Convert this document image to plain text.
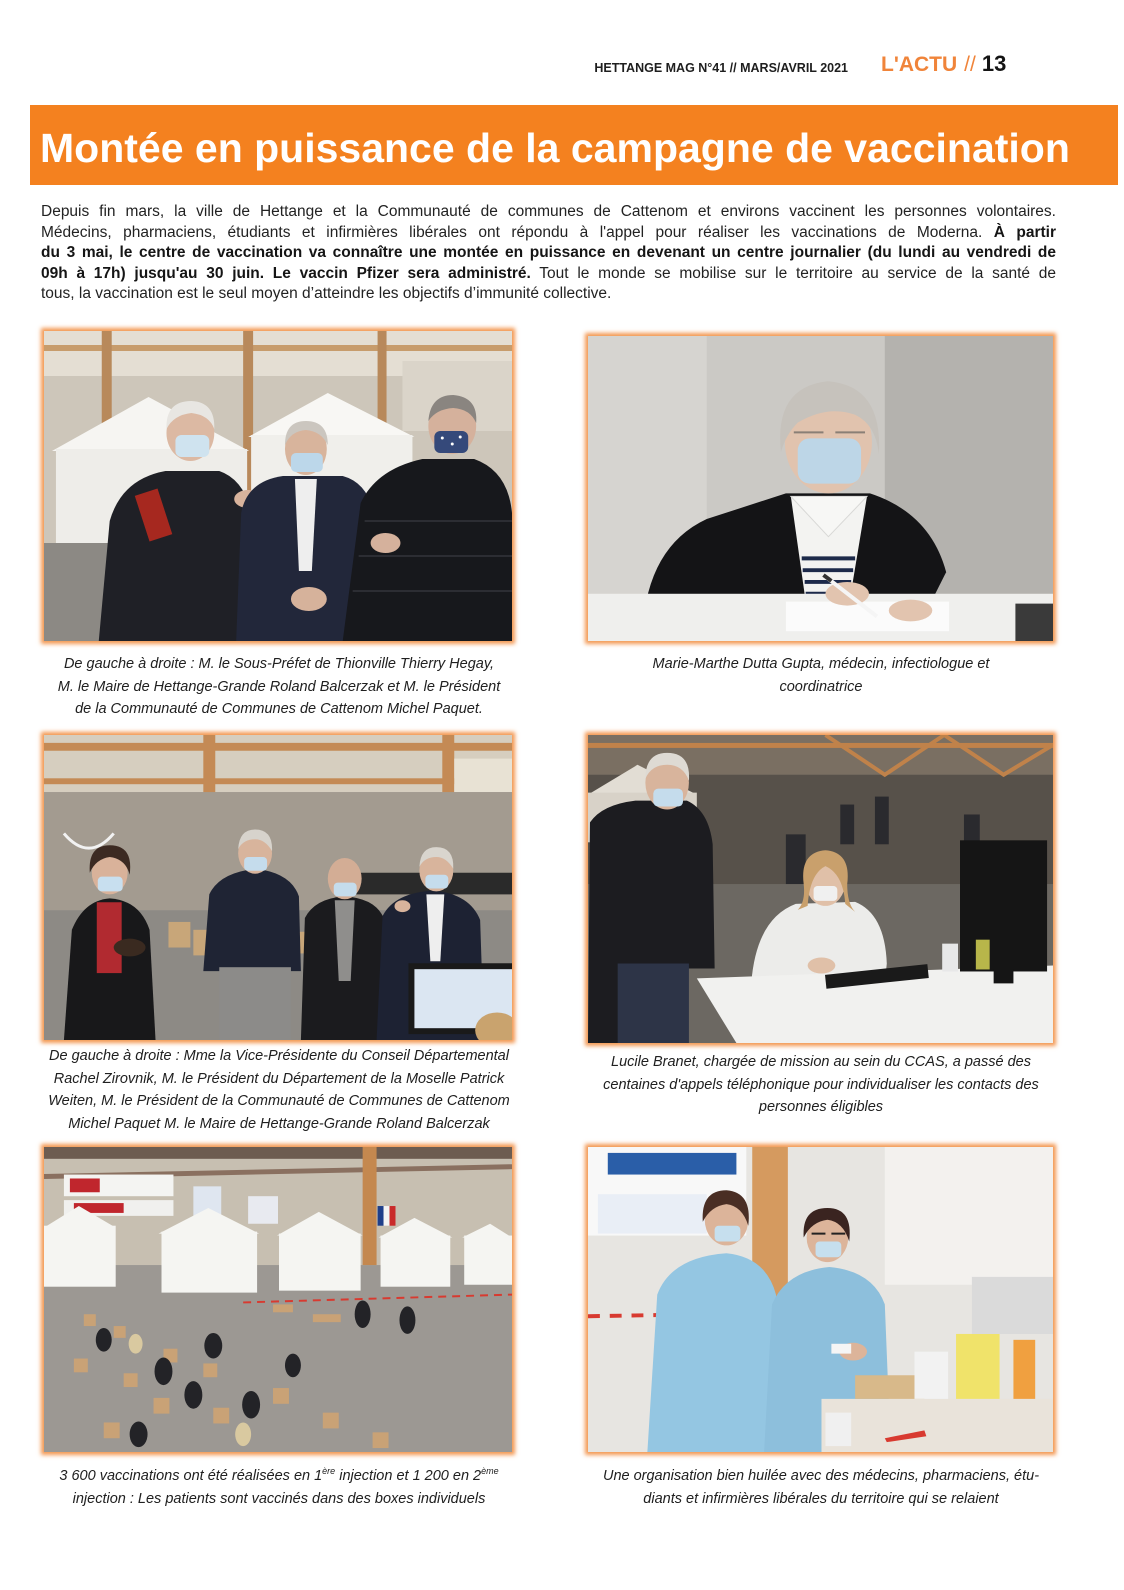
HETTANGE MAG N°41 // MARS/AVRIL 2021 L'ACTU // 13
Montée en puissance de la campagne de vaccination
Depuis fin mars, la ville de Hettange et la Communauté de communes de Cattenom et environs vaccinent les personnes volontaires.
Médecins, pharmaciens, étudiants et infirmières libérales ont répondu à l'appel pour réaliser les vaccinations de Moderna. À partir
du 3 mai, le centre de vaccination va connaître une montée en puissance en devenant un centre journalier (du lundi au vendredi de
09h à 17h) jusqu'au 30 juin. Le vaccin Pfizer sera administré. Tout le monde se mobilise sur le territoire au service de la santé de
tous, la vaccination est le seul moyen d’atteindre les objectifs d’immunité collective.
De gauche à droite : M. le Sous-Préfet de Thionville Thierry Hegay,
M. le Maire de Hettange-Grande Roland Balcerzak et M. le Président
de la Communauté de Communes de Cattenom Michel Paquet.
Marie-Marthe Dutta Gupta, médecin, infectiologue et
coordinatrice
De gauche à droite : Mme la Vice-Présidente du Conseil Départemental
Rachel Zirovnik, M. le Président du Département de la Moselle Patrick
Weiten, M. le Président de la Communauté de Communes de Cattenom
Michel Paquet M. le Maire de Hettange-Grande Roland Balcerzak
Lucile Branet, chargée de mission au sein du CCAS, a passé des
centaines d'appels téléphonique pour individualiser les contacts des
personnes éligibles
3 600 vaccinations ont été réalisées en 1ère injection et 1 200 en 2ème
injection : Les patients sont vaccinés dans des boxes individuels
Une organisation bien huilée avec des médecins, pharmaciens, étu-
diants et infirmières libérales du territoire qui se relaient
